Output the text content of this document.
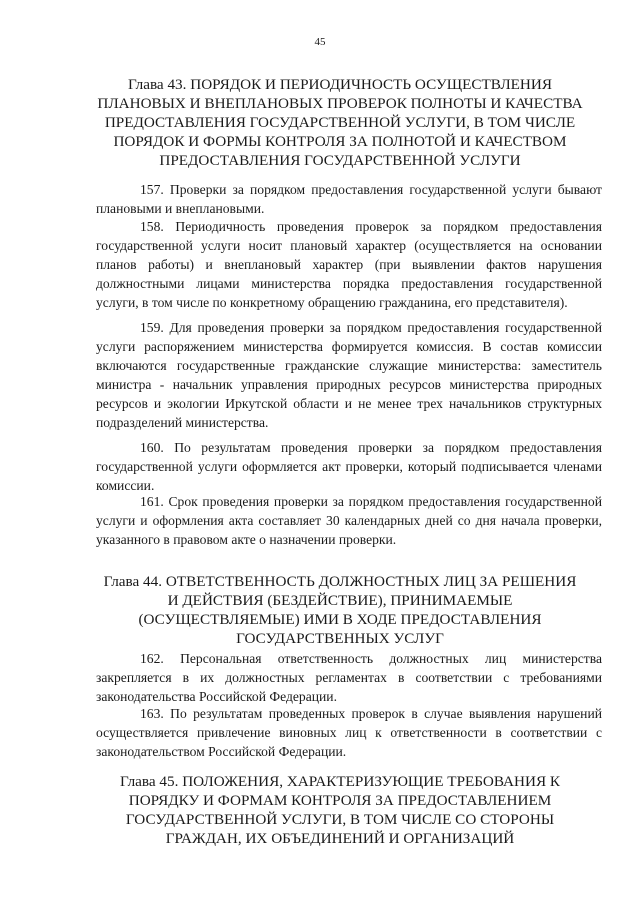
45
Глава 43. ПОРЯДОК И ПЕРИОДИЧНОСТЬ ОСУЩЕСТВЛЕНИЯ
ПЛАНОВЫХ И ВНЕПЛАНОВЫХ ПРОВЕРОК ПОЛНОТЫ И КАЧЕСТВА
ПРЕДОСТАВЛЕНИЯ ГОСУДАРСТВЕННОЙ УСЛУГИ, В ТОМ ЧИСЛЕ
ПОРЯДОК И ФОРМЫ КОНТРОЛЯ ЗА ПОЛНОТОЙ И КАЧЕСТВОМ
ПРЕДОСТАВЛЕНИЯ ГОСУДАРСТВЕННОЙ УСЛУГИ

157. Проверки за порядком предоставления государственной услуги бывают плановыми и внеплановыми.

158. Периодичность проведения проверок за порядком предоставления государственной услуги носит плановый характер (осуществляется на основании планов работы) и внеплановый характер (при выявлении фактов нарушения должностными лицами министерства порядка предоставления государственной услуги, в том числе по конкретному обращению гражданина, его представителя).

159. Для проведения проверки за порядком предоставления государственной услуги распоряжением министерства формируется комиссия. В состав комиссии включаются государственные гражданские служащие министерства: заместитель министра - начальник управления природных ресурсов министерства природных ресурсов и экологии Иркутской области и не менее трех начальников структурных подразделений министерства.

160. По результатам проведения проверки за порядком предоставления государственной услуги оформляется акт проверки, который подписывается членами комиссии.

161. Срок проведения проверки за порядком предоставления государственной услуги и оформления акта составляет 30 календарных дней со дня начала проверки, указанного в правовом акте о назначении проверки.

Глава 44. ОТВЕТСТВЕННОСТЬ ДОЛЖНОСТНЫХ ЛИЦ ЗА РЕШЕНИЯ
И ДЕЙСТВИЯ (БЕЗДЕЙСТВИЕ), ПРИНИМАЕМЫЕ
(ОСУЩЕСТВЛЯЕМЫЕ) ИМИ В ХОДЕ ПРЕДОСТАВЛЕНИЯ
ГОСУДАРСТВЕННЫХ УСЛУГ

162. Персональная ответственность должностных лиц министерства закрепляется в их должностных регламентах в соответствии с требованиями законодательства Российской Федерации.

163. По результатам проведенных проверок в случае выявления нарушений осуществляется привлечение виновных лиц к ответственности в соответствии с законодательством Российской Федерации.

Глава 45. ПОЛОЖЕНИЯ, ХАРАКТЕРИЗУЮЩИЕ ТРЕБОВАНИЯ К
ПОРЯДКУ И ФОРМАМ КОНТРОЛЯ ЗА ПРЕДОСТАВЛЕНИЕМ
ГОСУДАРСТВЕННОЙ УСЛУГИ, В ТОМ ЧИСЛЕ СО СТОРОНЫ
ГРАЖДАН, ИХ ОБЪЕДИНЕНИЙ И ОРГАНИЗАЦИЙ
